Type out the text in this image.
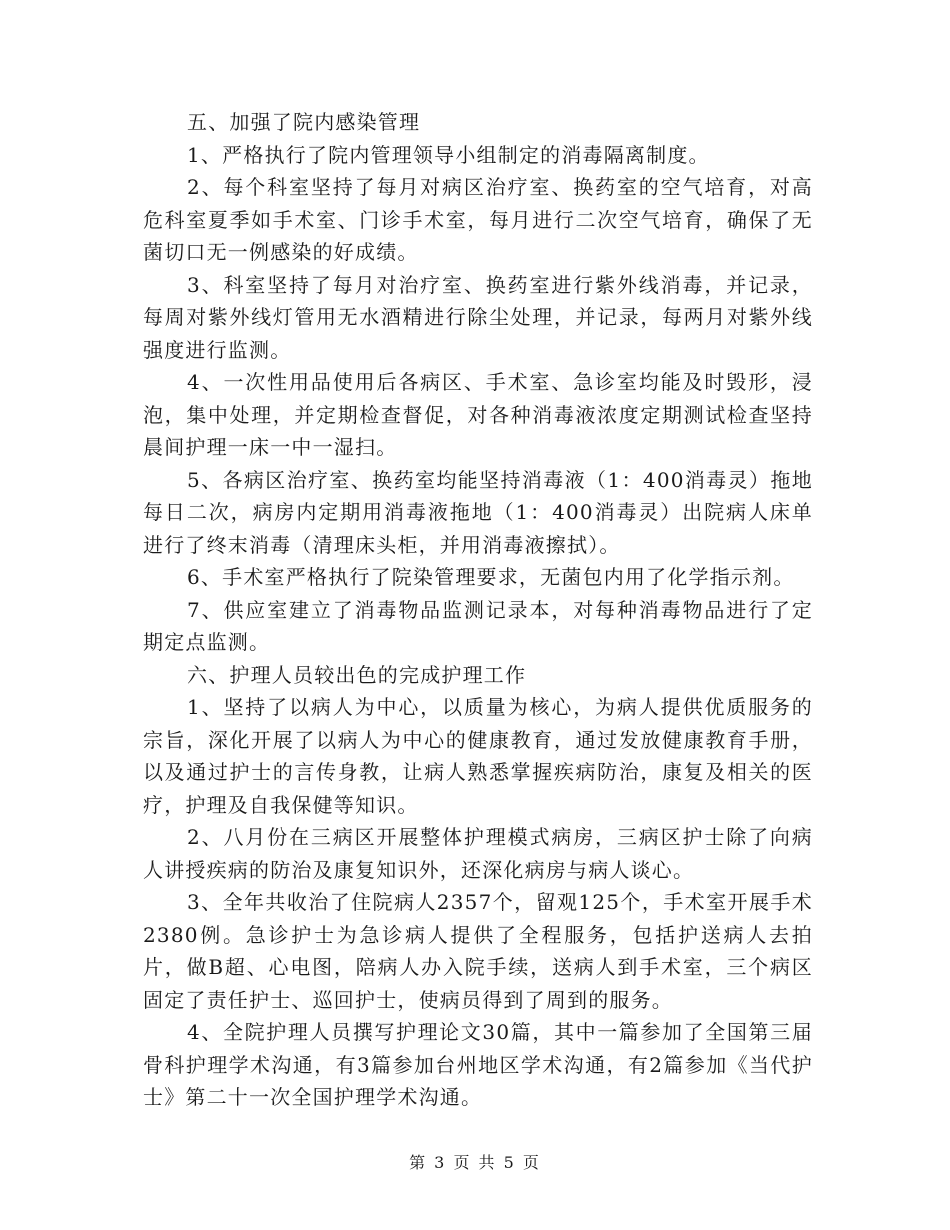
五、加强了院内感染管理

1、严格执行了院内管理领导小组制定的消毒隔离制度。

2、每个科室坚持了每月对病区治疗室、换药室的空气培育，对高危科室夏季如手术室、门诊手术室，每月进行二次空气培育，确保了无菌切口无一例感染的好成绩。

3、科室坚持了每月对治疗室、换药室进行紫外线消毒，并记录，每周对紫外线灯管用无水酒精进行除尘处理，并记录，每两月对紫外线强度进行监测。

4、一次性用品使用后各病区、手术室、急诊室均能及时毁形，浸泡，集中处理，并定期检查督促，对各种消毒液浓度定期测试检查坚持晨间护理一床一中一湿扫。

5、各病区治疗室、换药室均能坚持消毒液（1：400消毒灵）拖地每日二次，病房内定期用消毒液拖地（1：400消毒灵）出院病人床单进行了终末消毒（清理床头柜，并用消毒液擦拭）。

6、手术室严格执行了院染管理要求，无菌包内用了化学指示剂。

7、供应室建立了消毒物品监测记录本，对每种消毒物品进行了定期定点监测。

六、护理人员较出色的完成护理工作

1、坚持了以病人为中心，以质量为核心，为病人提供优质服务的宗旨，深化开展了以病人为中心的健康教育，通过发放健康教育手册，以及通过护士的言传身教，让病人熟悉掌握疾病防治，康复及相关的医疗，护理及自我保健等知识。

2、八月份在三病区开展整体护理模式病房，三病区护士除了向病人讲授疾病的防治及康复知识外，还深化病房与病人谈心。

3、全年共收治了住院病人2357个，留观125个，手术室开展手术2380例。急诊护士为急诊病人提供了全程服务，包括护送病人去拍片，做B超、心电图，陪病人办入院手续，送病人到手术室，三个病区固定了责任护士、巡回护士，使病员得到了周到的服务。

4、全院护理人员撰写护理论文30篇，其中一篇参加了全国第三届骨科护理学术沟通，有3篇参加台州地区学术沟通，有2篇参加《当代护士》第二十一次全国护理学术沟通。

第 3 页 共 5 页
